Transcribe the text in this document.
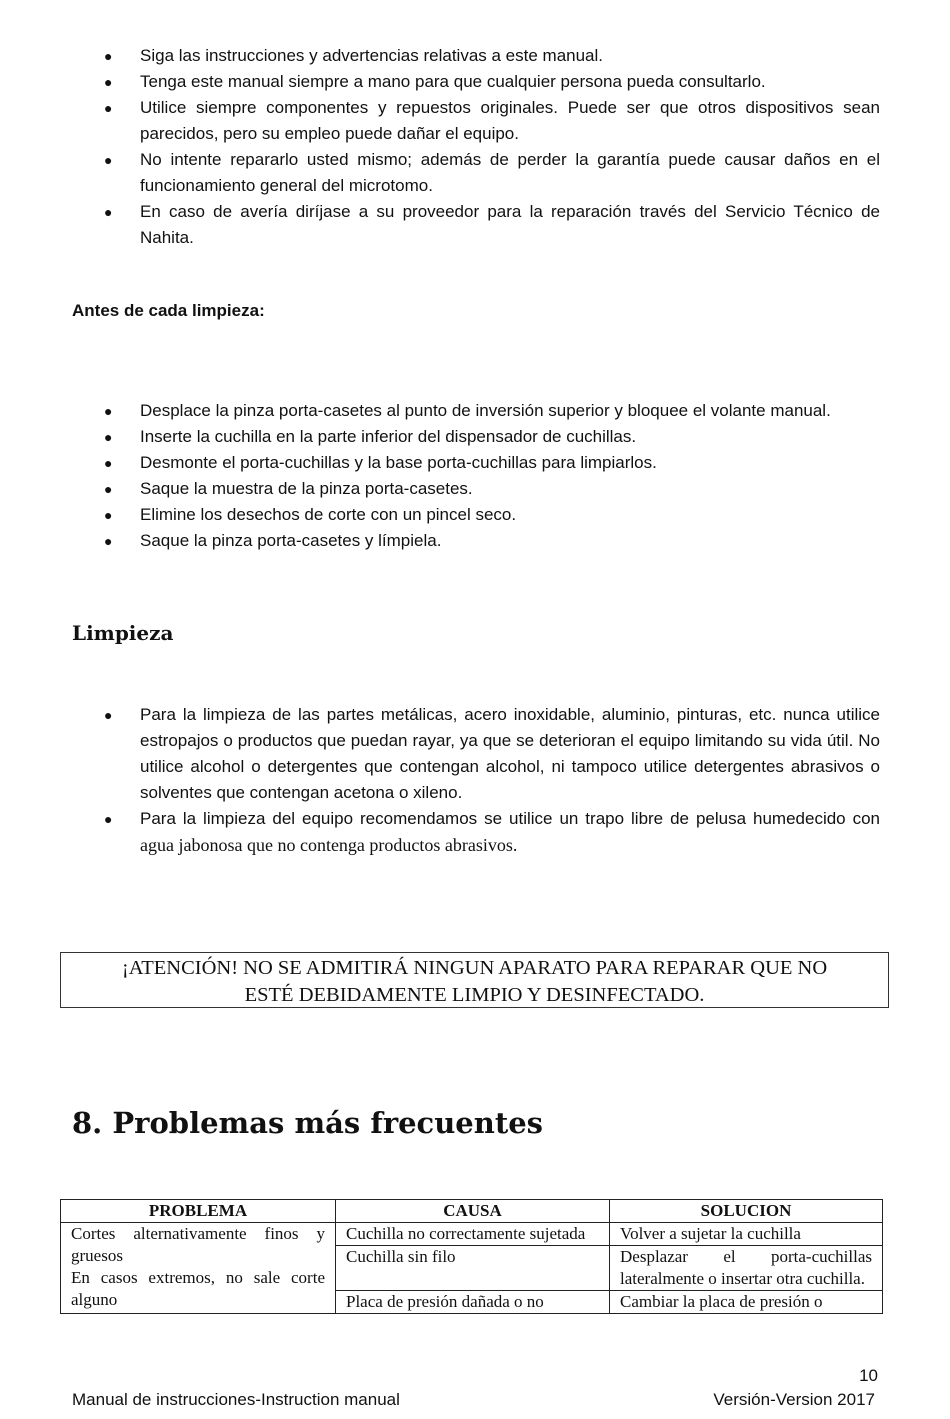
● Siga las instrucciones y advertencias relativas a este manual.
● Tenga este manual siempre a mano para que cualquier persona pueda consultarlo.
● Utilice siempre componentes y repuestos originales. Puede ser que otros dispositivos sean parecidos, pero su empleo puede dañar el equipo.
● No intente repararlo usted mismo; además de perder la garantía puede causar daños en el funcionamiento general del microtomo.
● En caso de avería diríjase a su proveedor para la reparación través del Servicio Técnico de Nahita.
Antes de cada limpieza:
● Desplace la pinza porta-casetes al punto de inversión superior y bloquee el volante manual.
● Inserte la cuchilla en la parte inferior del dispensador de cuchillas.
● Desmonte el porta-cuchillas y la base porta-cuchillas para limpiarlos.
● Saque la muestra de la pinza porta-casetes.
● Elimine los desechos de corte con un pincel seco.
● Saque la pinza porta-casetes y límpiela.
Limpieza
● Para la limpieza de las partes metálicas, acero inoxidable, aluminio, pinturas, etc. nunca utilice estropajos o productos que puedan rayar, ya que se deterioran el equipo limitando su vida útil. No utilice alcohol o detergentes que contengan alcohol, ni tampoco utilice detergentes abrasivos o solventes que contengan acetona o xileno.
● Para la limpieza del equipo recomendamos se utilice un trapo libre de pelusa humedecido con agua jabonosa que no contenga productos abrasivos.
¡ATENCIÓN! NO SE ADMITIRÁ NINGUN APARATO PARA REPARAR QUE NO
ESTÉ DEBIDAMENTE LIMPIO Y DESINFECTADO.
8. Problemas más frecuentes
PROBLEMA	CAUSA	SOLUCION

Cortes alternativamente finos y gruesos
En casos extremos, no sale corte alguno	Cuchilla no correctamente sujetada	Volver a sujetar la cuchilla
	Cuchilla sin filo	Desplazar el porta-cuchillas lateralmente o insertar otra cuchilla.
	Placa de presión dañada o no	Cambiar la placa de presión o
10
Manual de instrucciones-Instruction manual	Versión-Version 2017
